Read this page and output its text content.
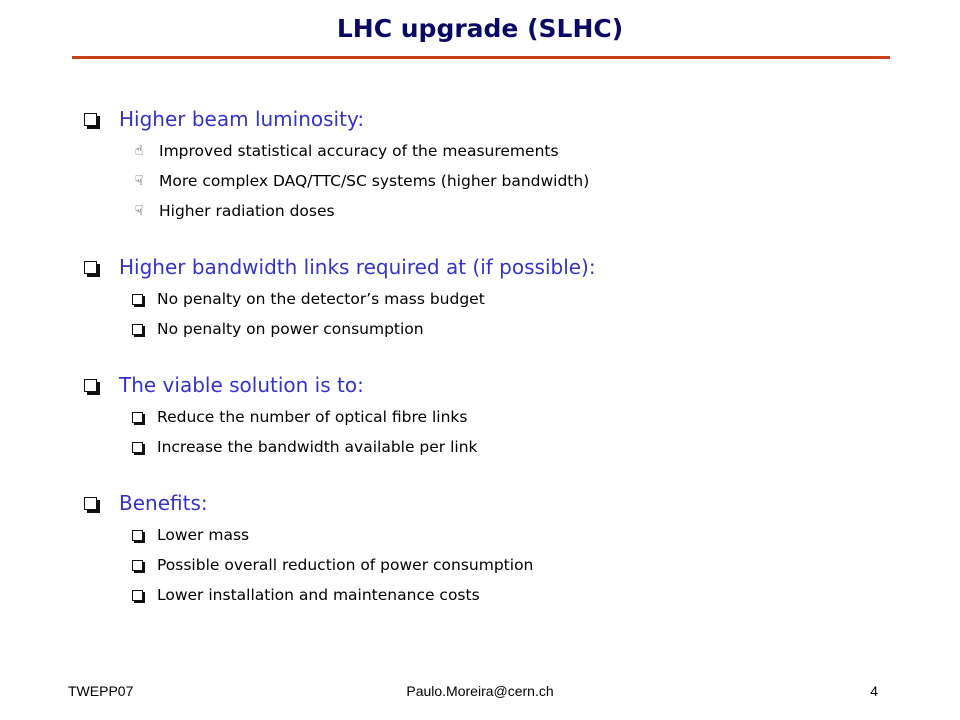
LHC upgrade (SLHC)
Higher beam luminosity:
☝ Improved statistical accuracy of the measurements
☟ More complex DAQ/TTC/SC systems (higher bandwidth)
☟ Higher radiation doses
Higher bandwidth links required at (if possible):
No penalty on the detector’s mass budget
No penalty on power consumption
The viable solution is to:
Reduce the number of optical fibre links
Increase the bandwidth available per link
Benefits:
Lower mass
Possible overall reduction of power consumption
Lower installation and maintenance costs
TWEPP07	Paulo.Moreira@cern.ch	4
